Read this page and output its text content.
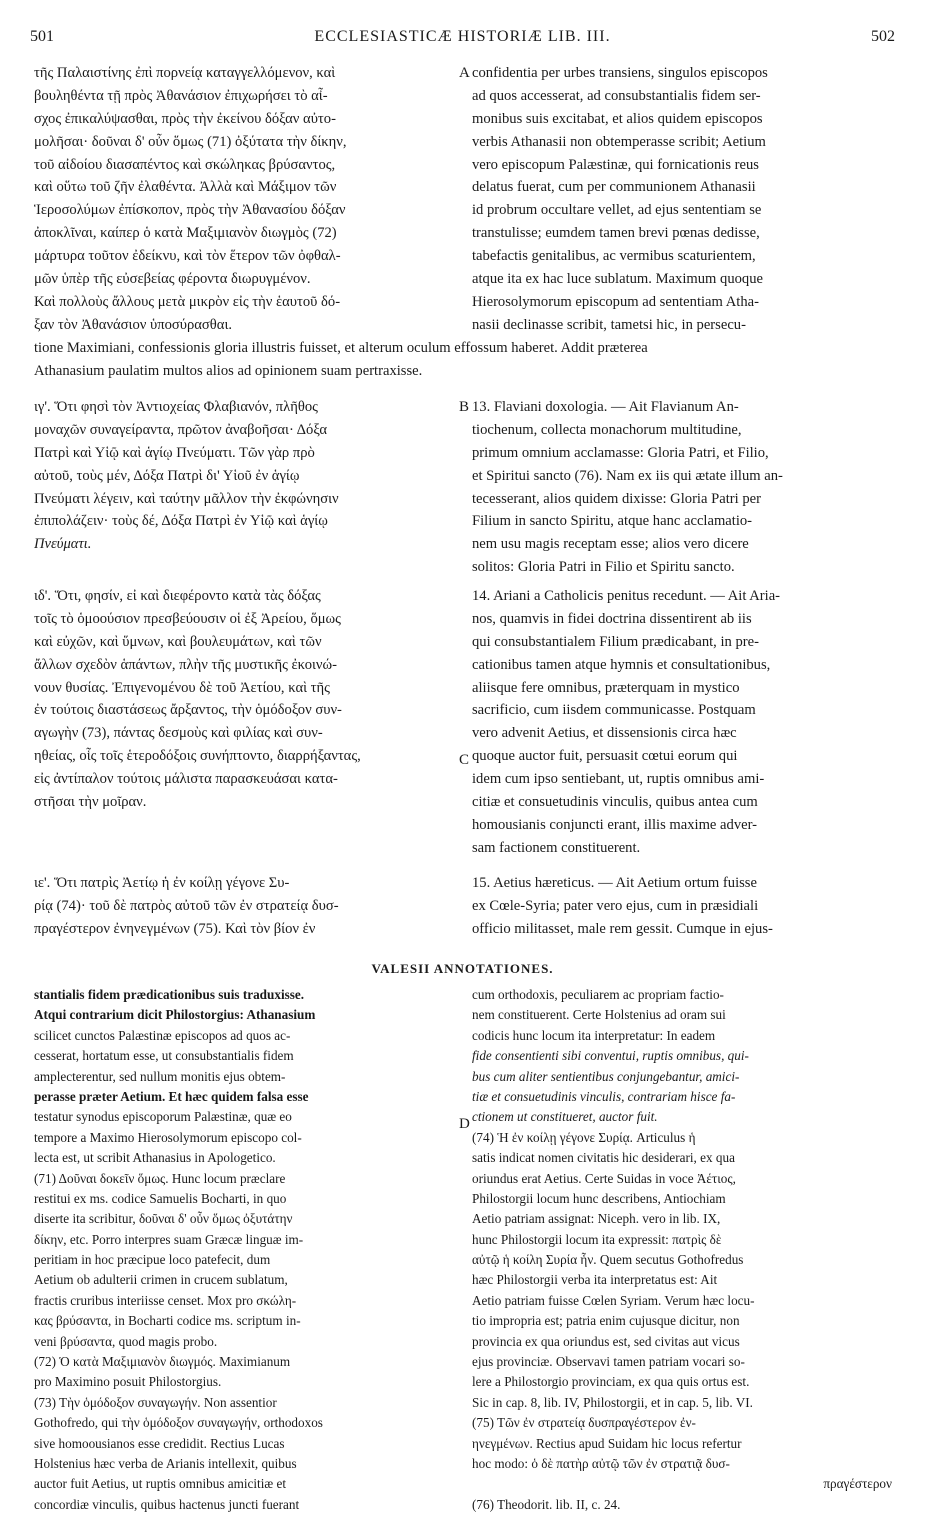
501	ECCLESIASTICÆ HISTORIÆ LIB. III.	502
τῆς Παλαιστίνης ἐπὶ πορνείᾳ καταγγελλόμενον, καὶ
βουληθέντα τῇ πρὸς Ἀθανάσιον ἐπιχωρήσει τὸ αἶ-
σχος ἐπικαλύψασθαι, πρὸς τὴν ἐκείνου δόξαν αὐτο-
μολῆσαι· δοῦναι δ' οὖν ὅμως (71) ὀξύτατα τὴν δίκην,
τοῦ αἰδοίου διασαπέντος καὶ σκώληκας βρύσαντος,
καὶ οὕτω τοῦ ζῆν ἐλαθέντα. Ἀλλὰ καὶ Μάξιμον τῶν
Ἱεροσολύμων ἐπίσκοπον, πρὸς τὴν Ἀθανασίου δόξαν
ἀποκλῖναι, καίπερ ὁ κατὰ Μαξιμιανὸν διωγμὸς (72)
μάρτυρα τοῦτον ἐδείκνυ, καὶ τὸν ἕτερον τῶν ὀφθαλ-
μῶν ὑπὲρ τῆς εὐσεβείας φέροντα διωρυγμένον.
Καὶ πολλοὺς ἄλλους μετὰ μικρὸν εἰς τὴν ἑαυτοῦ δό-
ξαν τὸν Ἀθανάσιον ὑποσύρασθαι.
A confidentia per urbes transiens, singulos episcopos
ad quos accesserat, ad consubstantialis fidem ser-
monibus suis excitabat, et alios quidem episcopos
verbis Athanasii non obtemperasse scribit; Aetium
vero episcopum Palæstinæ, qui fornicationis reus
delatus fuerat, cum per communionem Athanasii
id probrum occultare vellet, ad ejus sententiam se
transtulisse; eumdem tamen brevi pœnas dedisse,
tabefactis genitalibus, ac vermibus scaturientem,
atque ita ex hac luce sublatum. Maximum quoque
Hierosolymorum episcopum ad sententiam Atha-
nasii declinasse scribit, tametsi hic, in persecu-
tione Maximiani, confessionis gloria illustris fuisset, et alterum oculum effossum haberet. Addit præterea
Athanasium paulatim multos alios ad opinionem suam pertraxisse.
ιγ'. Ὅτι φησὶ τὸν Ἀντιοχείας Φλαβιανόν, πλῆθος
μοναχῶν συναγείραντα, πρῶτον ἀναβοῆσαι· Δόξα
Πατρὶ καὶ Υἱῷ καὶ ἁγίῳ Πνεύματι. Τῶν γὰρ πρὸ
αὐτοῦ, τοὺς μέν, Δόξα Πατρὶ δι' Υἱοῦ ἐν ἁγίῳ
Πνεύματι λέγειν, καὶ ταύτην μᾶλλον τὴν ἐκφώνησιν
ἐπιπολάζειν· τοὺς δέ, Δόξα Πατρὶ ἐν Υἱῷ καὶ ἁγίῳ
Πνεύματι.
B 13. Flaviani doxologia. — Ait Flavianum An-
tiochenum, collecta monachorum multitudine,
primum omnium acclamasse: Gloria Patri, et Filio,
et Spiritui sancto (76). Nam ex iis qui ætate illum an-
tecesserant, alios quidem dixisse: Gloria Patri per
Filium in sancto Spiritu, atque hanc acclamatio-
nem usu magis receptam esse; alios vero dicere
solitos: Gloria Patri in Filio et Spiritu sancto.
ιδ'. Ὅτι, φησίν, εἰ καὶ διεφέροντο κατὰ τὰς δόξας
τοῖς τὸ ὁμοούσιον πρεσβεύουσιν οἱ ἐξ Ἀρείου, ὅμως
καὶ εὐχῶν, καὶ ὕμνων, καὶ βουλευμάτων, καὶ τῶν
ἄλλων σχεδὸν ἁπάντων, πλὴν τῆς μυστικῆς ἐκοινώ-
νουν θυσίας. Ἐπιγενομένου δὲ τοῦ Ἀετίου, καὶ τῆς
ἐν τούτοις διαστάσεως ἄρξαντος, τὴν ὁμόδοξον συν-
αγωγὴν (73), πάντας δεσμοὺς καὶ φιλίας καὶ συν-
ηθείας, οἷς τοῖς ἑτεροδόξοις συνήπτοντο, διαρρήξαντας,
εἰς ἀντίπαλον τούτοις μάλιστα παρασκευάσαι κατα-
στῆσαι τὴν μοῖραν.
C
14. Ariani a Catholicis penitus recedunt. — Ait Aria-
nos, quamvis in fidei doctrina dissentirent ab iis
qui consubstantialem Filium prædicabant, in pre-
cationibus tamen atque hymnis et consultationibus,
aliisque fere omnibus, præterquam in mystico
sacrificio, cum iisdem communicasse. Postquam
vero advenit Aetius, et dissensionis circa hæc
quoque auctor fuit, persuasit cœtui eorum qui
idem cum ipso sentiebant, ut, ruptis omnibus ami-
citiæ et consuetudinis vinculis, quibus antea cum
homousianis conjuncti erant, illis maxime adver-
sam factionem constituerent.
ιε'. Ὅτι πατρὶς Ἀετίῳ ἡ ἐν κοίλῃ γέγονε Συ-
ρίᾳ (74)· τοῦ δὲ πατρὸς αὐτοῦ τῶν ἐν στρατείᾳ δυσ-
πραγέστερον ἐνηνεγμένων (75). Καὶ τὸν βίον ἐν
15. Aetius hæreticus. — Ait Aetium ortum fuisse
ex Cœle-Syria; pater vero ejus, cum in præsidiali
officio militasset, male rem gessit. Cumque in ejus-
VALESII ANNOTATIONES.
stantialis fidem prædicationibus suis traduxisse.
Atqui contrarium dicit Philostorgius: Athanasium
scilicet cunctos Palæstinæ episcopos ad quos ac-
cesserat, hortatum esse, ut consubstantialis fidem
amplecterentur, sed nullum monitis ejus obtem-
perasse præter Aetium. Et hæc quidem falsa esse
testatur synodus episcoporum Palæstinæ, quæ eo
tempore a Maximo Hierosolymorum episcopo col-
lecta est, ut scribit Athanasius in Apologetico.
(71) Δοῦναι δοκεῖν ὅμως. Hunc locum præclare
restitui ex ms. codice Samuelis Bocharti, in quo
diserte ita scribitur, δοῦναι δ' οὖν ὅμως ὀξυτάτην
δίκην, etc. Porro interpres suam Græcæ linguæ im-
peritiam in hoc præcipue loco patefecit, dum
Aetium ob adulterii crimen in crucem sublatum,
fractis cruribus interiisse censet. Mox pro σκώλη-
κας βρύσαντα, in Bocharti codice ms. scriptum in-
veni βρύσαντα, quod magis probo.
(72) Ὁ κατὰ Μαξιμιανὸν διωγμός. Maximianum
pro Maximino posuit Philostorgius.
(73) Τὴν ὁμόδοξον συναγωγήν. Non assentior
Gothofredo, qui τὴν ὁμόδοξον συναγωγήν, orthodoxos
sive homoousianos esse credidit. Rectius Lucas
Holstenius hæc verba de Arianis intellexit, quibus
auctor fuit Aetius, ut ruptis omnibus amicitiæ et
concordiæ vinculis, quibus hactenus juncti fuerant
D
cum orthodoxis, peculiarem ac propriam factio-
nem constituerent. Certe Holstenius ad oram sui
codicis hunc locum ita interpretatur: In eadem
fide consentienti sibi conventui, ruptis omnibus, qui-
bus cum aliter sentientibus conjungebantur, amici-
tiæ et consuetudinis vinculis, contrariam hisce fa-
ctionem ut constitueret, auctor fuit.
(74) Ἡ ἐν κοίλῃ γέγονε Συρίᾳ. Articulus ἡ
satis indicat nomen civitatis hic desiderari, ex qua
oriundus erat Aetius. Certe Suidas in voce Ἀέτιος,
Philostorgii locum hunc describens, Antiochiam
Aetio patriam assignat: Niceph. vero in lib. IX,
hunc Philostorgii locum ita expressit: πατρὶς δὲ
αὐτῷ ἡ κοίλη Συρία ἦν. Quem secutus Gothofredus
hæc Philostorgii verba ita interpretatus est: Ait
Aetio patriam fuisse Cœlen Syriam. Verum hæc locu-
tio impropria est; patria enim cujusque dicitur, non
provincia ex qua oriundus est, sed civitas aut vicus
ejus provinciæ. Observavi tamen patriam vocari so-
lere a Philostorgio provinciam, ex qua quis ortus est.
Sic in cap. 8, lib. IV, Philostorgii, et in cap. 5, lib. VI.
(75) Τῶν ἐν στρατείᾳ δυσπραγέστερον ἐν-
ηνεγμένων. Rectius apud Suidam hic locus refertur
hoc modo: ὁ δὲ πατὴρ αὐτῷ τῶν ἐν στρατιᾷ δυσ-
πραγέστερον
(76) Theodorit. lib. II, c. 24.
